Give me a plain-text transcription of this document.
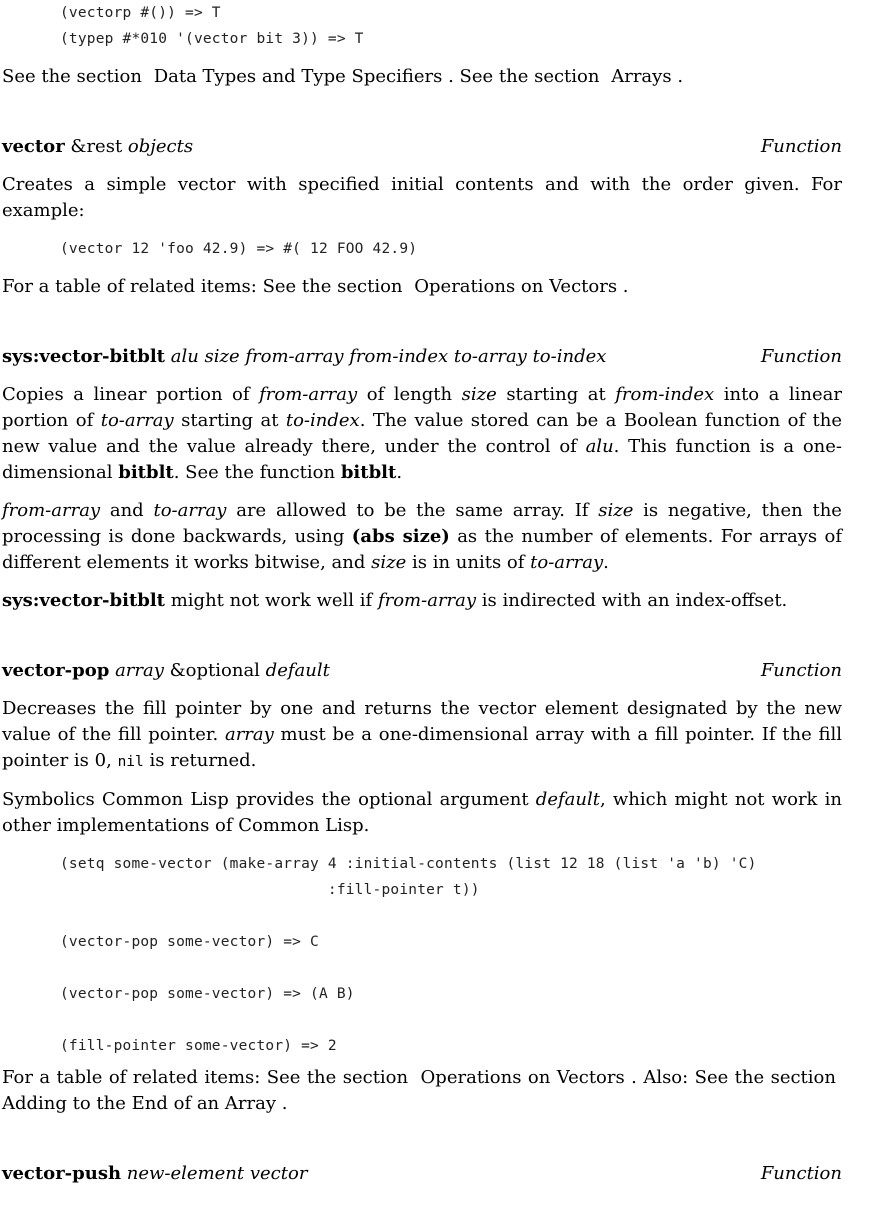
(vectorp #()) => T
(typep #*010 '(vector bit 3)) => T

See the section Data Types and Type Specifiers . See the section Arrays .

vector &rest objects	Function

Creates a simple vector with specified initial contents and with the order given. For example:

(vector 12 'foo 42.9) => #( 12 FOO 42.9)

For a table of related items: See the section Operations on Vectors .

sys:vector-bitblt alu size from-array from-index to-array to-index	Function

Copies a linear portion of from-array of length size starting at from-index into a linear portion of to-array starting at to-index. The value stored can be a Boolean function of the new value and the value already there, under the control of alu. This function is a one-dimensional bitblt. See the function bitblt.

from-array and to-array are allowed to be the same array. If size is negative, then the processing is done backwards, using (abs size) as the number of elements. For arrays of different elements it works bitwise, and size is in units of to-array.

sys:vector-bitblt might not work well if from-array is indirected with an index-offset.

vector-pop array &optional default	Function

Decreases the fill pointer by one and returns the vector element designated by the new value of the fill pointer. array must be a one-dimensional array with a fill pointer. If the fill pointer is 0, nil is returned.

Symbolics Common Lisp provides the optional argument default, which might not work in other implementations of Common Lisp.

(setq some-vector (make-array 4 :initial-contents (list 12 18 (list 'a 'b) 'C)
:fill-pointer t))
(vector-pop some-vector) => C
(vector-pop some-vector) => (A B)
(fill-pointer some-vector) => 2

For a table of related items: See the section Operations on Vectors . Also: See the section Adding to the End of an Array .

vector-push new-element vector	Function
